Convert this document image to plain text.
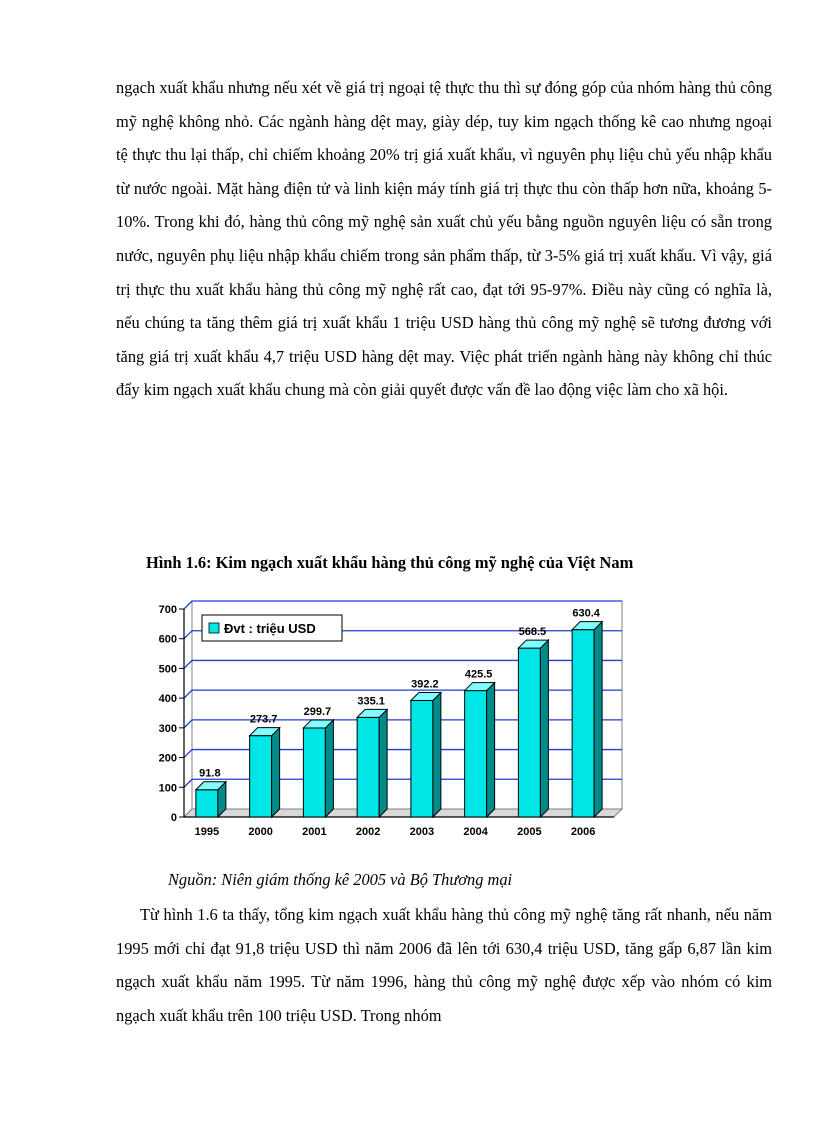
ngạch xuất khẩu nhưng nếu xét về giá trị ngoại tệ thực thu thì sự đóng góp của nhóm hàng thủ công mỹ nghệ không nhỏ. Các ngành hàng dệt may, giày dép, tuy kim ngạch thống kê cao nhưng ngoại tệ thực thu lại thấp, chỉ chiếm khoảng 20% trị giá xuất khẩu, vì nguyên phụ liệu chủ yếu nhập khẩu từ nước ngoài. Mặt hàng điện tử và linh kiện máy tính giá trị thực thu còn thấp hơn nữa, khoảng 5-10%. Trong khi đó, hàng thủ công mỹ nghệ sản xuất chủ yếu bằng nguồn nguyên liệu có sẵn trong nước, nguyên phụ liệu nhập khẩu chiếm trong sản phẩm thấp, từ 3-5% giá trị xuất khẩu. Vì vậy, giá trị thực thu xuất khẩu hàng thủ công mỹ nghệ rất cao, đạt tới 95-97%. Điều này cũng có nghĩa là, nếu chúng ta tăng thêm giá trị xuất khẩu 1 triệu USD hàng thủ công mỹ nghệ sẽ tương đương với tăng giá trị xuất khẩu 4,7 triệu USD hàng dệt may. Việc phát triển ngành hàng này không chỉ thúc đẩy kim ngạch xuất khẩu chung mà còn giải quyết được vấn đề lao động việc làm cho xã hội.

Hình 1.6: Kim ngạch xuất khẩu hàng thủ công mỹ nghệ của Việt Nam

0
100
200
300
400
500
600
700
91.8
1995
273.7
2000
299.7
2001
335.1
2002
392.2
2003
425.5
2004
568.5
2005
630.4
2006
Đvt : triệu USD

Nguồn: Niên giám thống kê 2005 và Bộ Thương mại

Từ hình 1.6 ta thấy, tổng kim ngạch xuất khẩu hàng thủ công mỹ nghệ tăng rất nhanh, nếu năm 1995 mới chỉ đạt 91,8 triệu USD thì năm 2006 đã lên tới 630,4 triệu USD, tăng gấp 6,87 lần kim ngạch xuất khẩu năm 1995. Từ năm 1996, hàng thủ công mỹ nghệ được xếp vào nhóm có kim ngạch xuất khẩu trên 100 triệu USD. Trong nhóm
